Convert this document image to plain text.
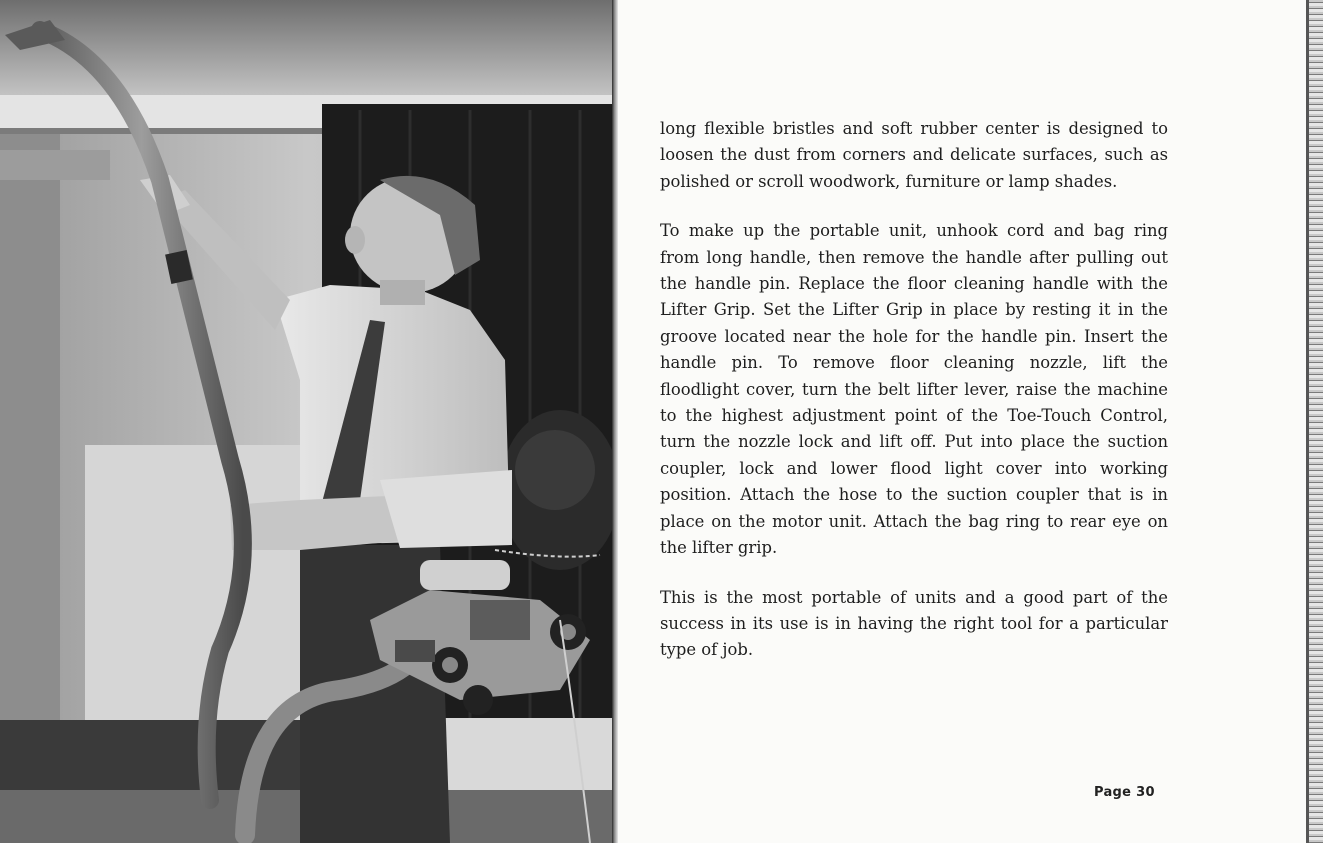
long flexible bristles and soft rubber center is designed to loosen the dust from corners and delicate surfaces, such as polished or scroll woodwork, furniture or lamp shades.

To make up the portable unit, unhook cord and bag ring from long handle, then remove the handle after pulling out the handle pin. Replace the floor cleaning handle with the Lifter Grip. Set the Lifter Grip in place by resting it in the groove located near the hole for the handle pin. Insert the handle pin. To remove floor cleaning nozzle, lift the floodlight cover, turn the belt lifter lever, raise the machine to the highest adjustment point of the Toe-Touch Control, turn the nozzle lock and lift off. Put into place the suction coupler, lock and lower flood light cover into working position. Attach the hose to the suction coupler that is in place on the motor unit. Attach the bag ring to rear eye on the lifter grip.

This is the most portable of units and a good part of the success in its use is in having the right tool for a particular type of job.

Page 30
